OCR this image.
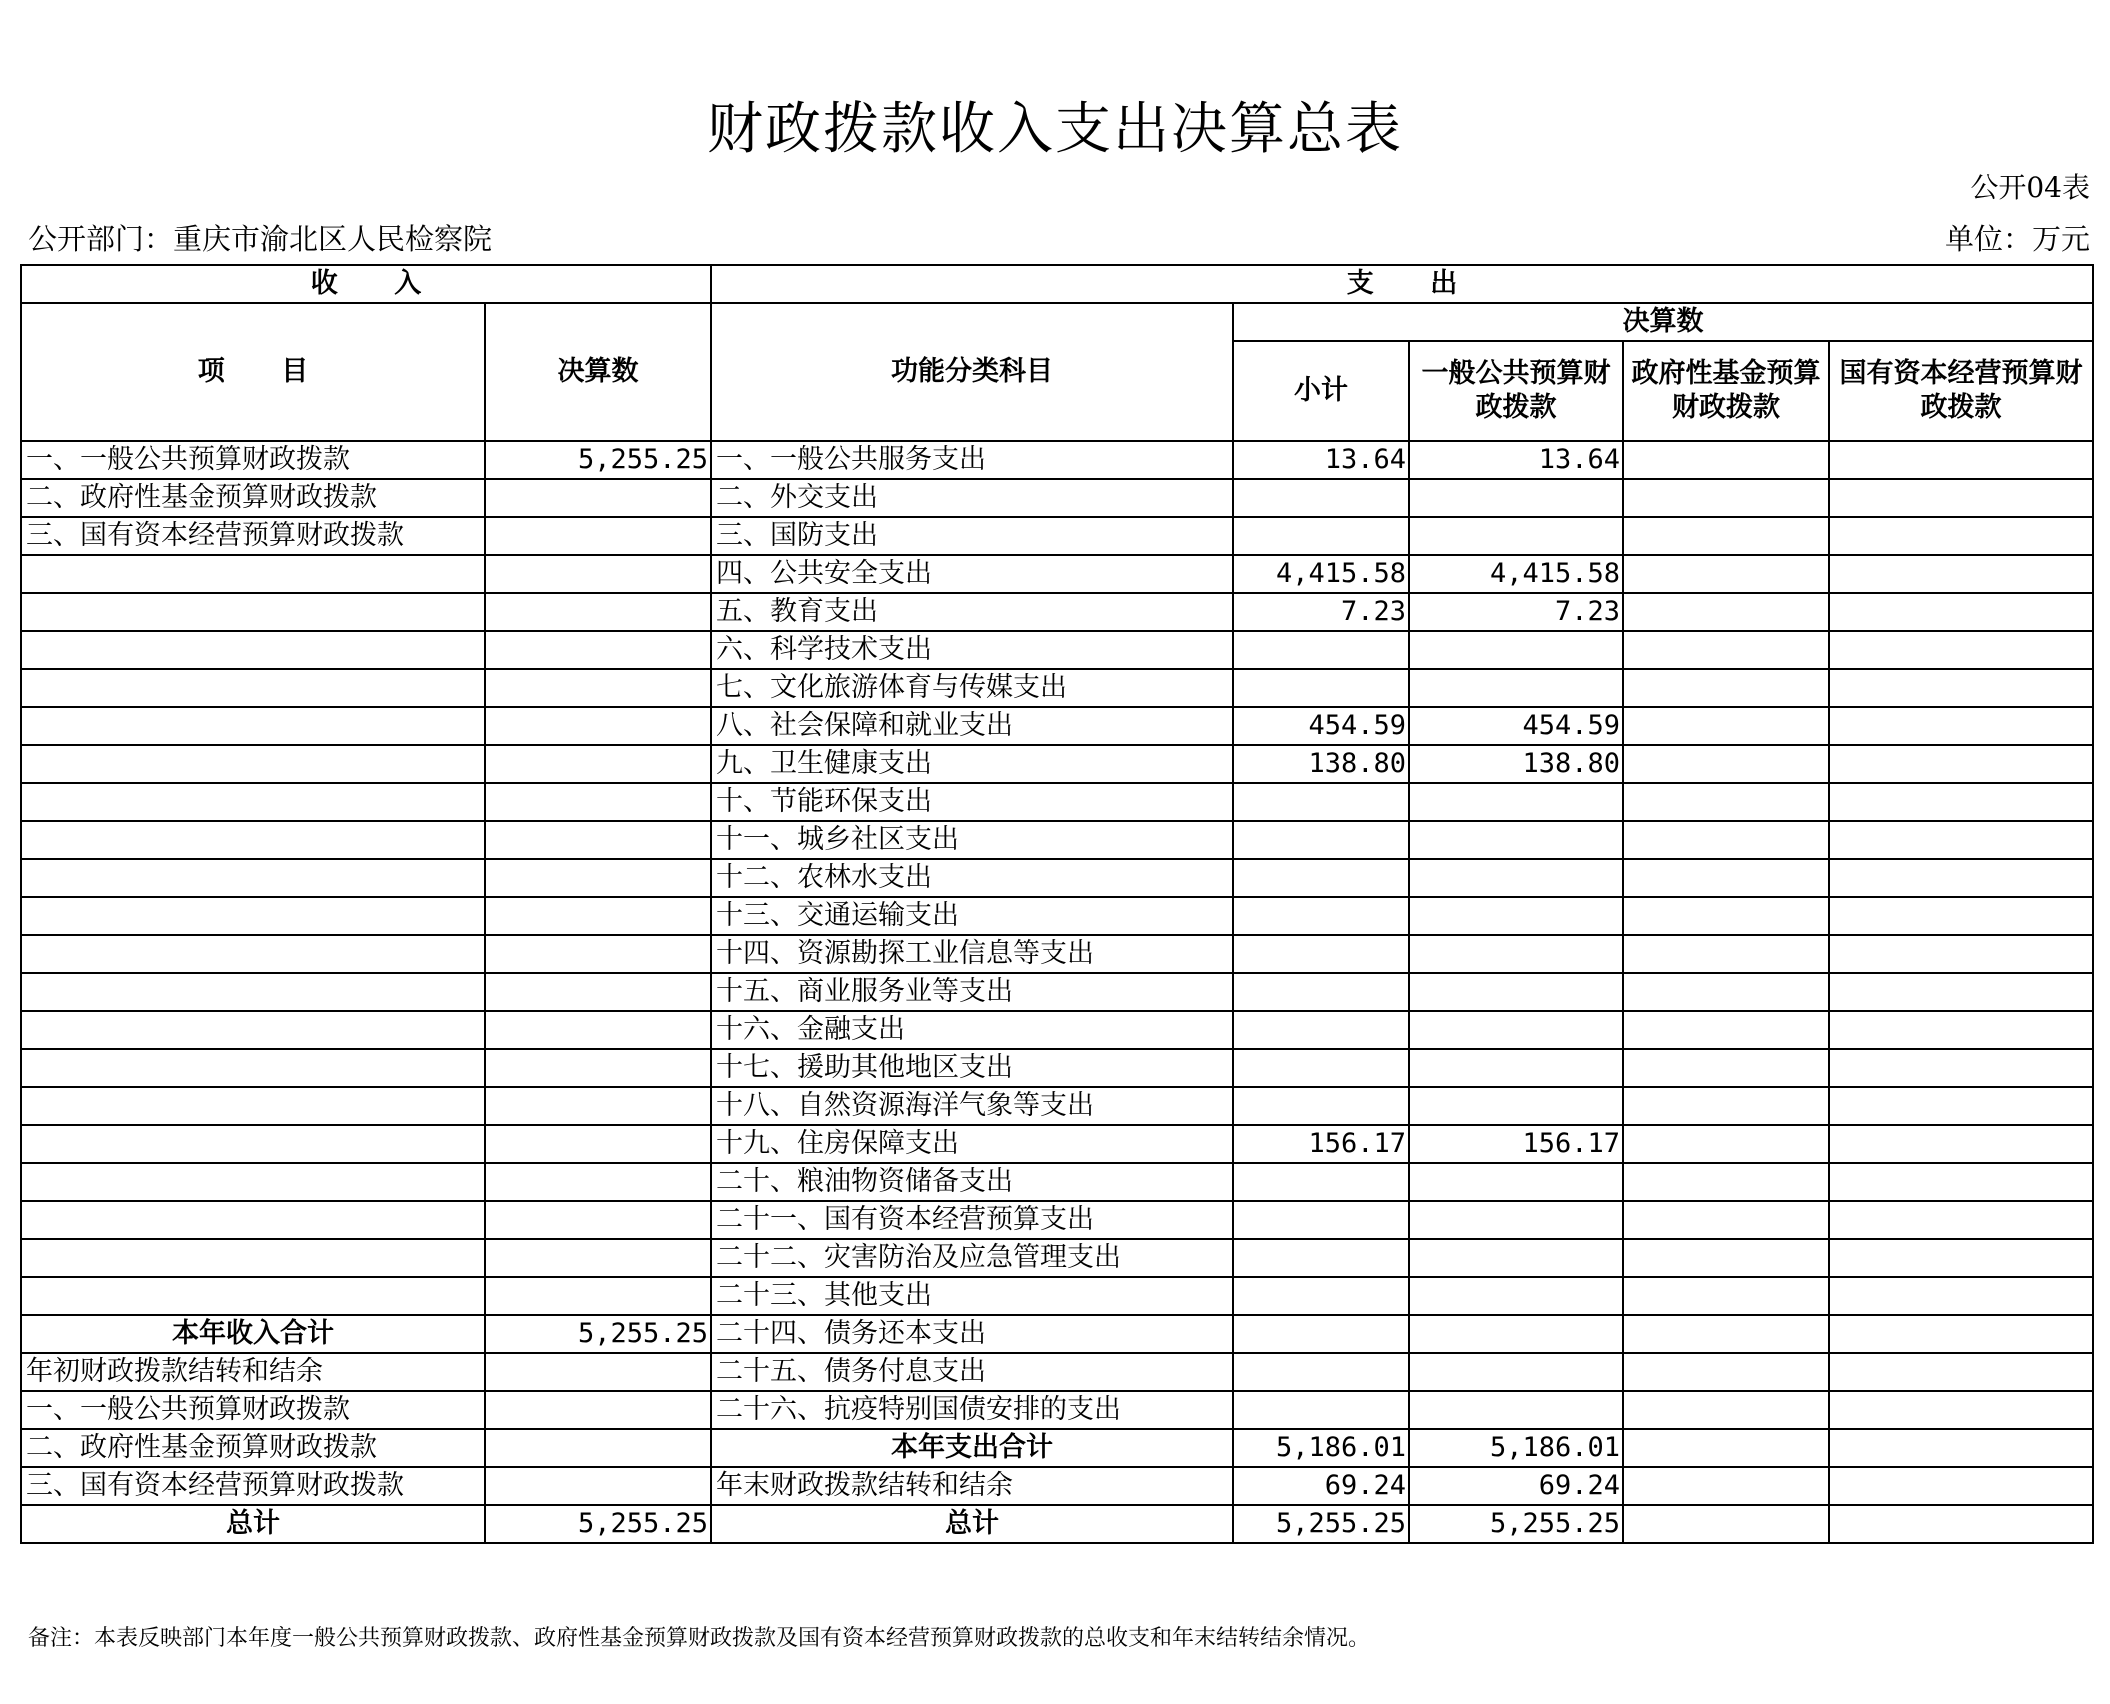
财政拨款收入支出决算总表
公开04表
公开部门：重庆市渝北区人民检察院	单位：万元
收      入		支      出				
项      目	决算数	功能分类科目	决算数			
			小计	一般公共预算财政拨款	政府性基金预算财政拨款	国有资本经营预算财政拨款
一、一般公共预算财政拨款	5,255.25	一、一般公共服务支出	13.64	13.64		
二、政府性基金预算财政拨款		二、外交支出				
三、国有资本经营预算财政拨款		三、国防支出				
		四、公共安全支出	4,415.58	4,415.58		
		五、教育支出	7.23	7.23		
		六、科学技术支出				
		七、文化旅游体育与传媒支出				
		八、社会保障和就业支出	454.59	454.59		
		九、卫生健康支出	138.80	138.80		
		十、节能环保支出				
		十一、城乡社区支出				
		十二、农林水支出				
		十三、交通运输支出				
		十四、资源勘探工业信息等支出				
		十五、商业服务业等支出				
		十六、金融支出				
		十七、援助其他地区支出				
		十八、自然资源海洋气象等支出				
		十九、住房保障支出	156.17	156.17		
		二十、粮油物资储备支出				
		二十一、国有资本经营预算支出				
		二十二、灾害防治及应急管理支出				
		二十三、其他支出				
本年收入合计	5,255.25	二十四、债务还本支出				
年初财政拨款结转和结余		二十五、债务付息支出				
一、一般公共预算财政拨款		二十六、抗疫特别国债安排的支出				
二、政府性基金预算财政拨款		本年支出合计	5,186.01	5,186.01		
三、国有资本经营预算财政拨款		年末财政拨款结转和结余	69.24	69.24		
总计	5,255.25	总计	5,255.25	5,255.25		
备注：本表反映部门本年度一般公共预算财政拨款、政府性基金预算财政拨款及国有资本经营预算财政拨款的总收支和年末结转结余情况。
